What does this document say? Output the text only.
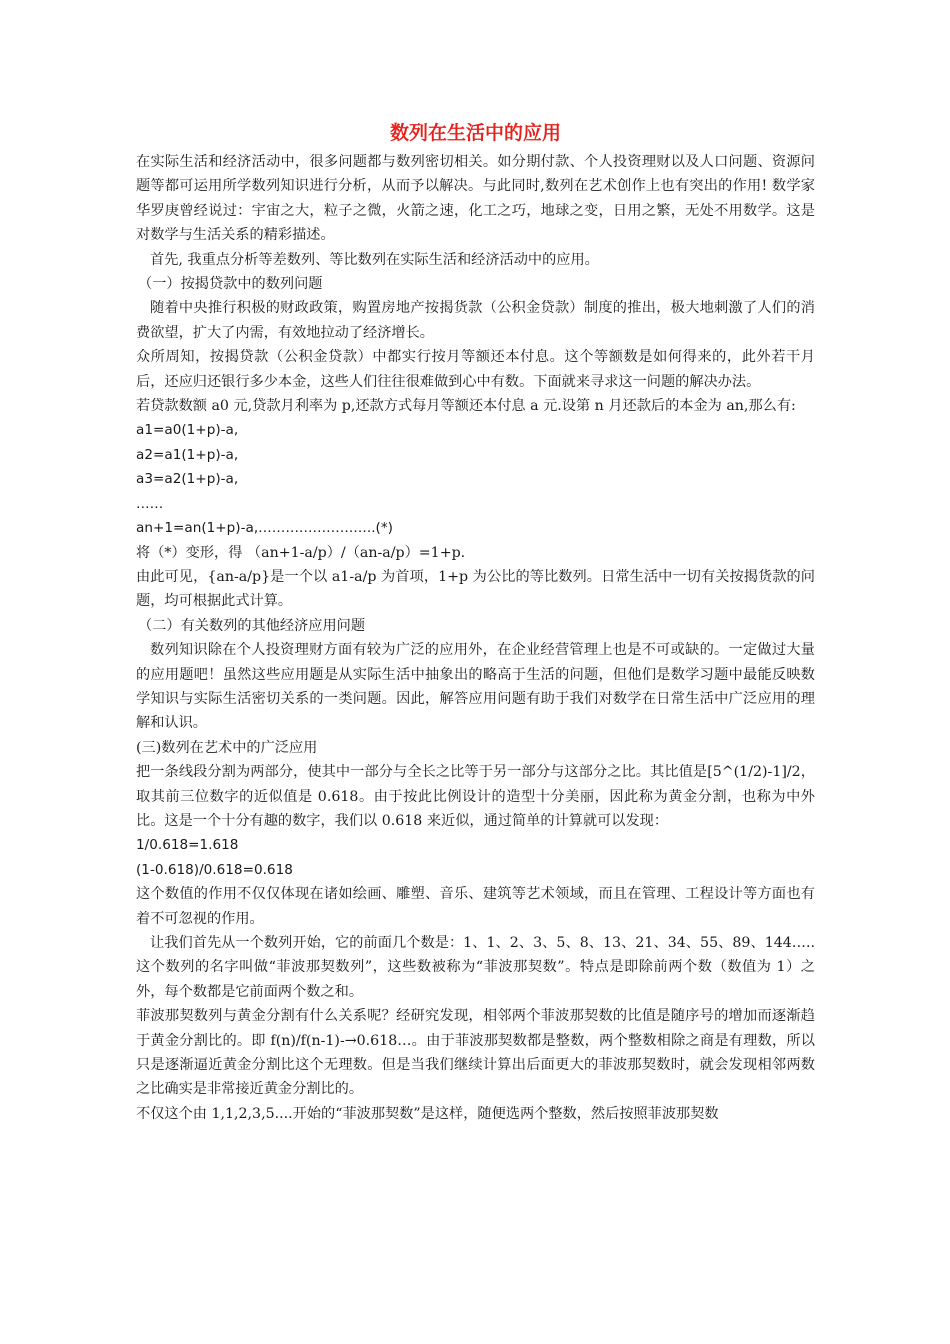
数列在生活中的应用

在实际生活和经济活动中，很多问题都与数列密切相关。如分期付款、个人投资理财以及人口问题、资源问题等都可运用所学数列知识进行分析，从而予以解决。与此同时,数列在艺术创作上也有突出的作用! 数学家华罗庚曾经说过：宇宙之大，粒子之微，火箭之速，化工之巧，地球之变，日用之繁，无处不用数学。这是对数学与生活关系的精彩描述。

首先, 我重点分析等差数列、等比数列在实际生活和经济活动中的应用。

（一）按揭贷款中的数列问题

随着中央推行积极的财政政策，购置房地产按揭货款（公积金贷款）制度的推出，极大地刺激了人们的消费欲望，扩大了内需，有效地拉动了经济增长。

众所周知，按揭贷款（公积金贷款）中都实行按月等额还本付息。这个等额数是如何得来的，此外若干月后，还应归还银行多少本金，这些人们往往很难做到心中有数。下面就来寻求这一问题的解决办法。

若贷款数额 a0 元,贷款月利率为 p,还款方式每月等额还本付息 a 元.设第 n 月还款后的本金为 an,那么有:

a1=a0(1+p)-a,

a2=a1(1+p)-a,

a3=a2(1+p)-a,

……

an+1=an(1+p)-a,……………………..(*)

将（*）变形，得 （an+1-a/p）/（an-a/p）=1+p.

由此可见，{an-a/p}是一个以 a1-a/p 为首项，1+p 为公比的等比数列。日常生活中一切有关按揭货款的问题，均可根据此式计算。

（二）有关数列的其他经济应用问题

数列知识除在个人投资理财方面有较为广泛的应用外，在企业经营管理上也是不可或缺的。一定做过大量的应用题吧！虽然这些应用题是从实际生活中抽象出的略高于生活的问题，但他们是数学习题中最能反映数学知识与实际生活密切关系的一类问题。因此，解答应用问题有助于我们对数学在日常生活中广泛应用的理解和认识。

(三)数列在艺术中的广泛应用

把一条线段分割为两部分，使其中一部分与全长之比等于另一部分与这部分之比。其比值是[5^(1/2)-1]/2，取其前三位数字的近似值是 0.618。由于按此比例设计的造型十分美丽，因此称为黄金分割，也称为中外比。这是一个十分有趣的数字，我们以 0.618 来近似，通过简单的计算就可以发现：

1/0.618=1.618

(1-0.618)/0.618=0.618

这个数值的作用不仅仅体现在诸如绘画、雕塑、音乐、建筑等艺术领域，而且在管理、工程设计等方面也有着不可忽视的作用。

让我们首先从一个数列开始，它的前面几个数是：1、1、2、3、5、8、13、21、34、55、89、144…..这个数列的名字叫做“菲波那契数列”，这些数被称为“菲波那契数”。特点是即除前两个数（数值为 1）之外，每个数都是它前面两个数之和。

菲波那契数列与黄金分割有什么关系呢？经研究发现，相邻两个菲波那契数的比值是随序号的增加而逐渐趋于黄金分割比的。即 f(n)/f(n-1)-→0.618…。由于菲波那契数都是整数，两个整数相除之商是有理数，所以只是逐渐逼近黄金分割比这个无理数。但是当我们继续计算出后面更大的菲波那契数时，就会发现相邻两数之比确实是非常接近黄金分割比的。

不仅这个由 1,1,2,3,5....开始的“菲波那契数”是这样，随便选两个整数，然后按照菲波那契数
